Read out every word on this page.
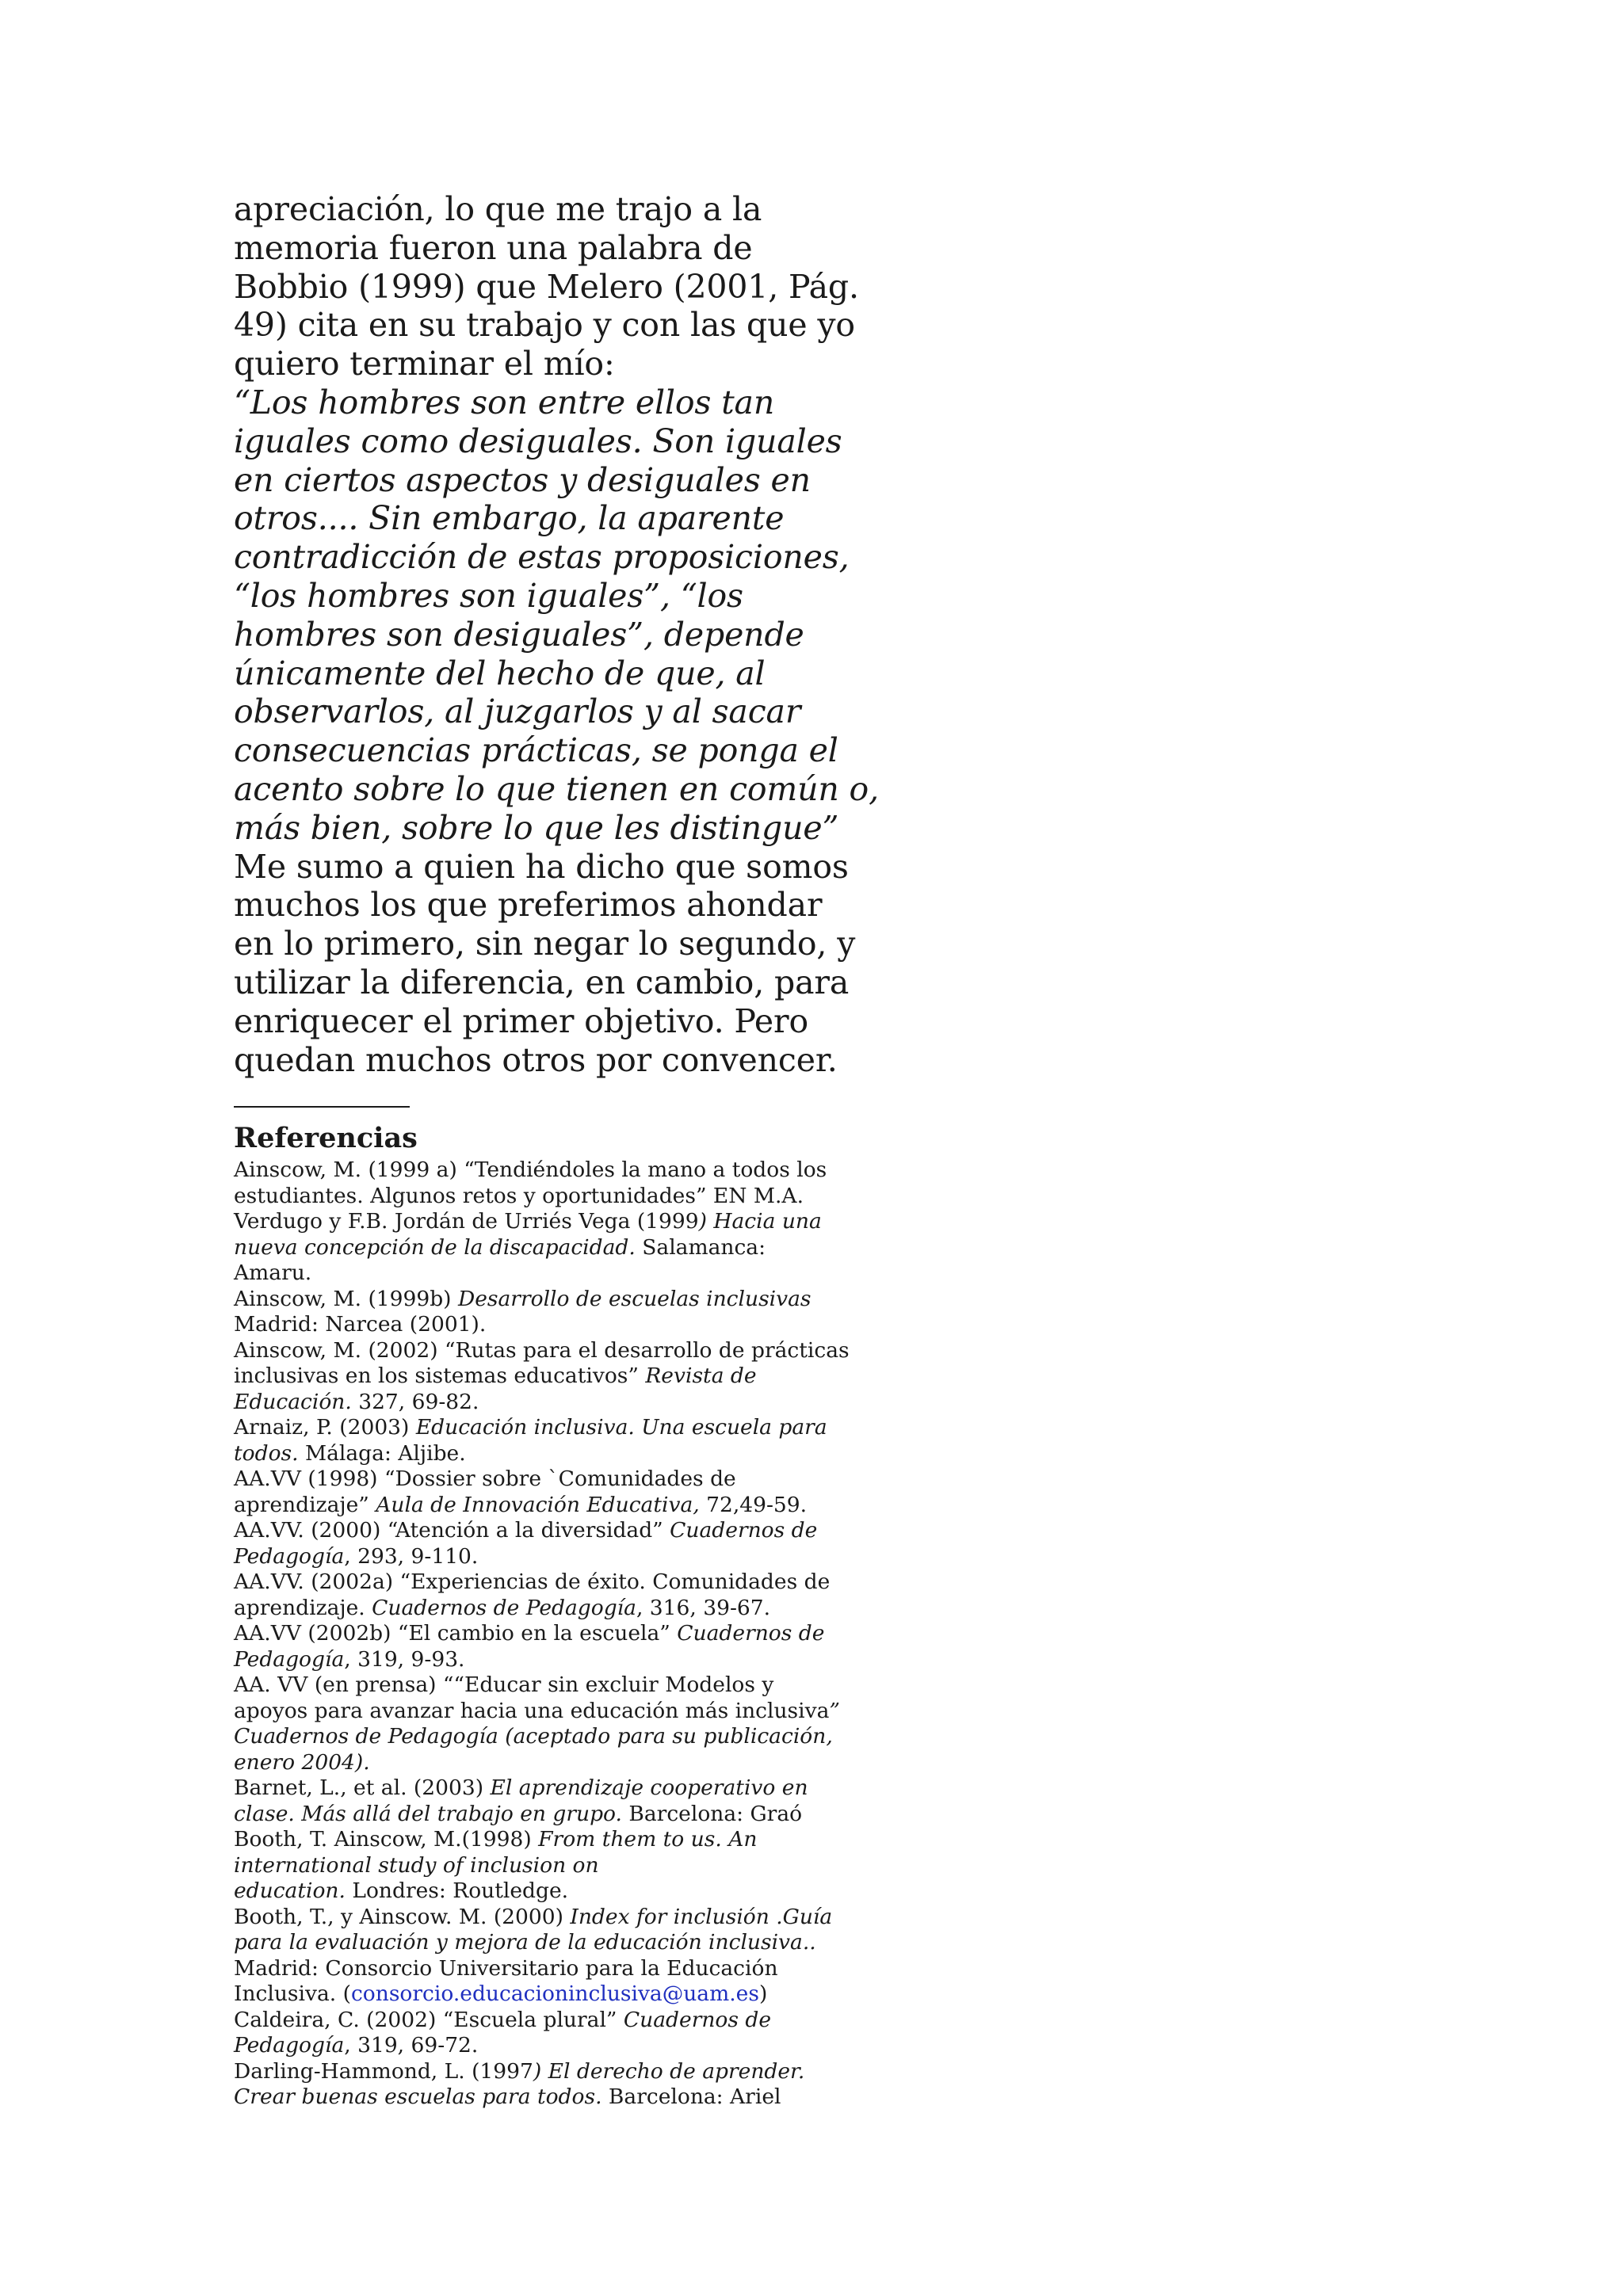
apreciación, lo que me trajo a la
memoria fueron una palabra de
Bobbio (1999) que Melero (2001, Pág.
49) cita en su trabajo y con las que yo
quiero terminar el mío:
“Los hombres son entre ellos tan
iguales como desiguales. Son iguales
en ciertos aspectos y desiguales en
otros.... Sin embargo, la aparente
contradicción de estas proposiciones,
“los hombres son iguales”, “los
hombres son desiguales”, depende
únicamente del hecho de que, al
observarlos, al juzgarlos y al sacar
consecuencias prácticas, se ponga el
acento sobre lo que tienen en común o,
más bien, sobre lo que les distingue”
Me sumo a quien ha dicho que somos
muchos los que preferimos ahondar
en lo primero, sin negar lo segundo, y
utilizar la diferencia, en cambio, para
enriquecer el primer objetivo. Pero
quedan muchos otros por convencer.
Referencias
Ainscow, M. (1999 a) “Tendiéndoles la mano a todos los
estudiantes. Algunos retos y oportunidades” EN M.A.
Verdugo y F.B. Jordán de Urriés Vega (1999) Hacia una
nueva concepción de la discapacidad. Salamanca:
Amaru.
Ainscow, M. (1999b) Desarrollo de escuelas inclusivas
Madrid: Narcea (2001).
Ainscow, M. (2002) “Rutas para el desarrollo de prácticas
inclusivas en los sistemas educativos” Revista de
Educación. 327, 69-82.
Arnaiz, P. (2003) Educación inclusiva. Una escuela para
todos. Málaga: Aljibe.
AA.VV (1998) “Dossier sobre `Comunidades de
aprendizaje” Aula de Innovación Educativa, 72,49-59.
AA.VV. (2000) “Atención a la diversidad” Cuadernos de
Pedagogía, 293, 9-110.
AA.VV. (2002a) “Experiencias de éxito. Comunidades de
aprendizaje. Cuadernos de Pedagogía, 316, 39-67.
AA.VV (2002b) “El cambio en la escuela” Cuadernos de
Pedagogía, 319, 9-93.
AA. VV (en prensa) ““Educar sin excluir Modelos y
apoyos para avanzar hacia una educación más inclusiva”
Cuadernos de Pedagogía (aceptado para su publicación,
enero 2004).
Barnet, L., et al. (2003) El aprendizaje cooperativo en
clase. Más allá del trabajo en grupo. Barcelona: Graó
Booth, T. Ainscow, M.(1998) From them to us. An
international study of inclusion on
education. Londres: Routledge.
Booth, T., y Ainscow. M. (2000) Index for inclusión .Guía
para la evaluación y mejora de la educación inclusiva..
Madrid: Consorcio Universitario para la Educación
Inclusiva. (consorcio.educacioninclusiva@uam.es)
Caldeira, C. (2002) “Escuela plural” Cuadernos de
Pedagogía, 319, 69-72.
Darling-Hammond, L. (1997) El derecho de aprender.
Crear buenas escuelas para todos. Barcelona: Ariel
